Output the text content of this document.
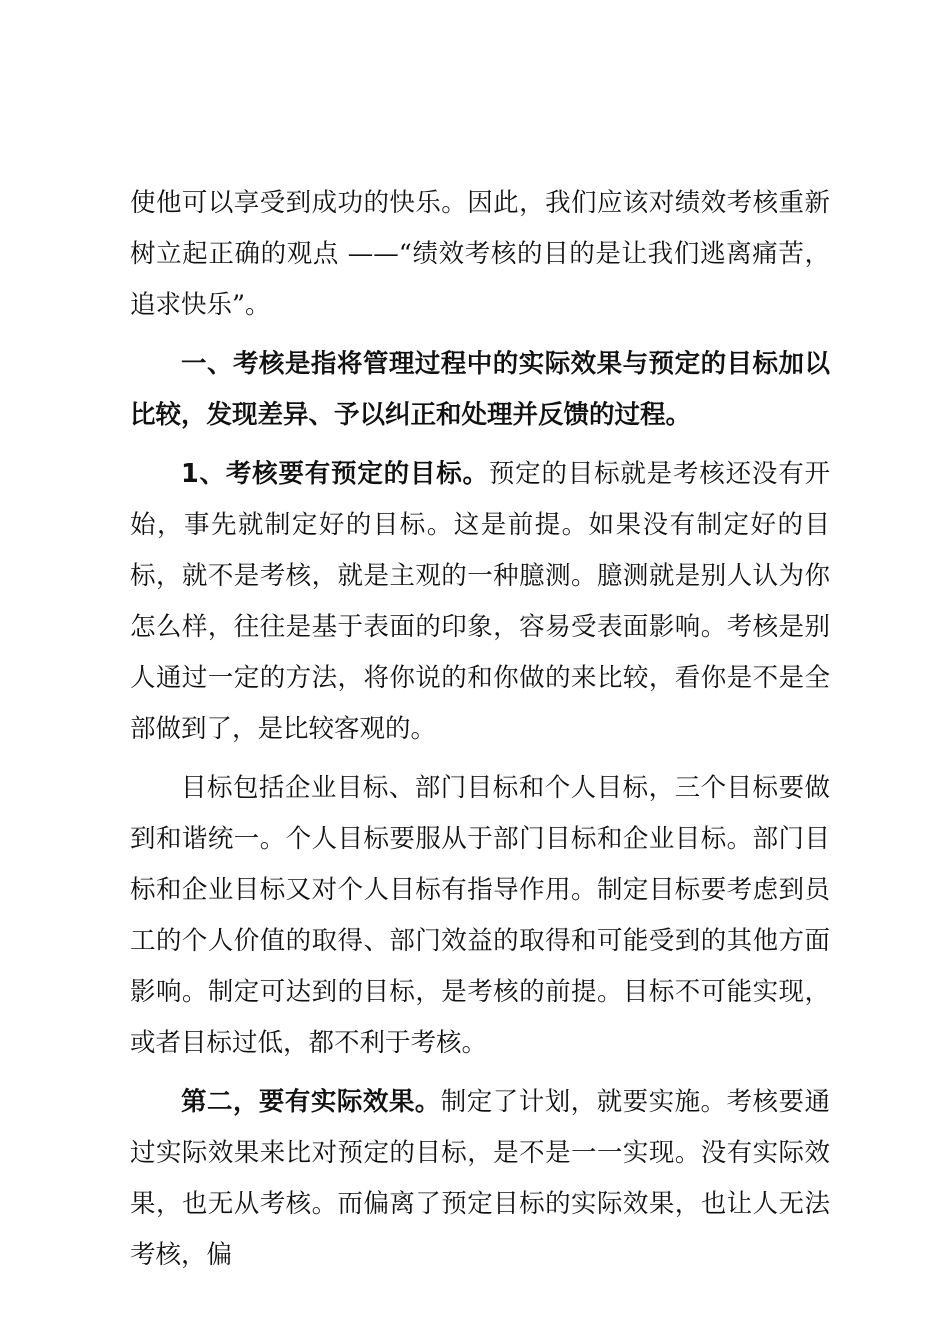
使他可以享受到成功的快乐。因此，我们应该对绩效考核重新树立起正确的观点 ——“绩效考核的目的是让我们逃离痛苦，追求快乐”。

一、考核是指将管理过程中的实际效果与预定的目标加以比较，发现差异、予以纠正和处理并反馈的过程。

1、考核要有预定的目标。预定的目标就是考核还没有开始，事先就制定好的目标。这是前提。如果没有制定好的目标，就不是考核，就是主观的一种臆测。臆测就是别人认为你怎么样，往往是基于表面的印象，容易受表面影响。考核是别人通过一定的方法，将你说的和你做的来比较，看你是不是全部做到了，是比较客观的。

目标包括企业目标、部门目标和个人目标，三个目标要做到和谐统一。个人目标要服从于部门目标和企业目标。部门目标和企业目标又对个人目标有指导作用。制定目标要考虑到员工的个人价值的取得、部门效益的取得和可能受到的其他方面影响。制定可达到的目标，是考核的前提。目标不可能实现，或者目标过低，都不利于考核。

第二，要有实际效果。制定了计划，就要实施。考核要通过实际效果来比对预定的目标，是不是一一实现。没有实际效果，也无从考核。而偏离了预定目标的实际效果，也让人无法考核，偏
